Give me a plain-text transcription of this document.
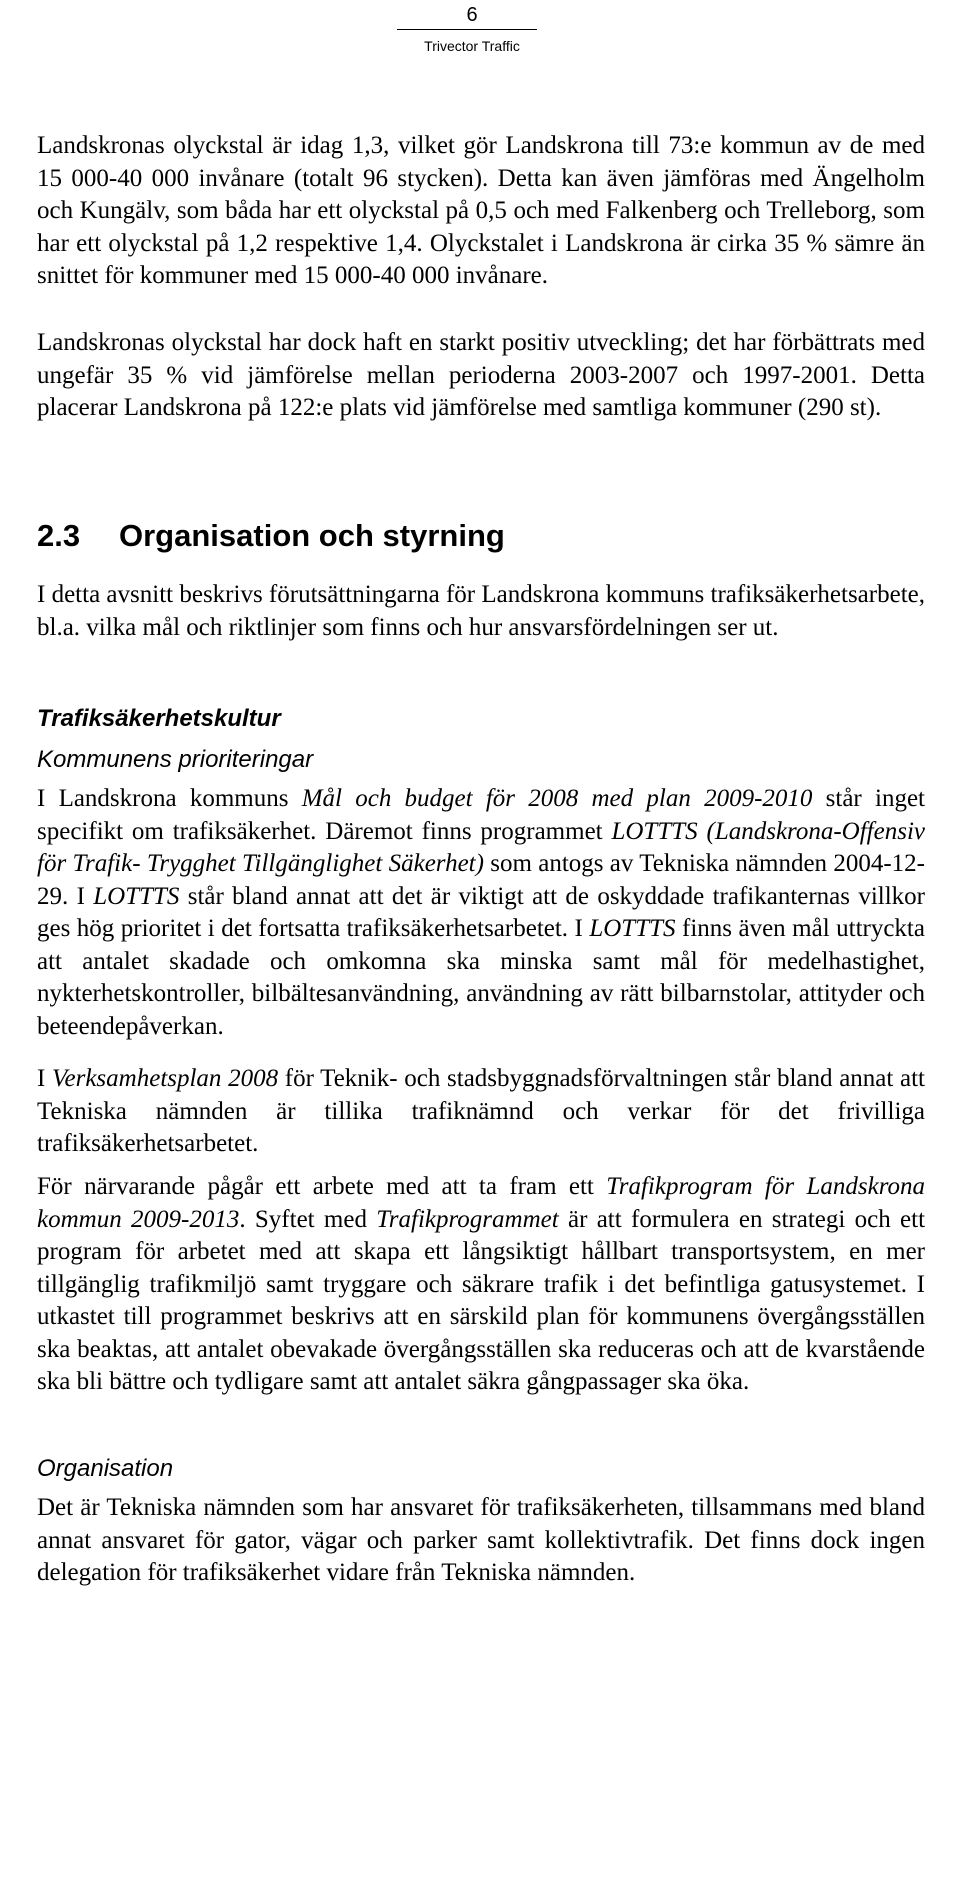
6
Trivector Traffic

Landskronas olyckstal är idag 1,3, vilket gör Landskrona till 73:e kommun av de med 15 000-40 000 invånare (totalt 96 stycken). Detta kan även jämföras med Ängelholm och Kungälv, som båda har ett olyckstal på 0,5 och med Falkenberg och Trelleborg, som har ett olyckstal på 1,2 respektive 1,4. Olyckstalet i Landskrona är cirka 35 % sämre än snittet för kommuner med 15 000-40 000 invånare.

Landskronas olyckstal har dock haft en starkt positiv utveckling; det har förbättrats med ungefär 35 % vid jämförelse mellan perioderna 2003-2007 och 1997-2001. Detta placerar Landskrona på 122:e plats vid jämförelse med samtliga kommuner (290 st).

2.3 Organisation och styrning

I detta avsnitt beskrivs förutsättningarna för Landskrona kommuns trafiksäkerhetsarbete, bl.a. vilka mål och riktlinjer som finns och hur ansvarsfördelningen ser ut.

Trafiksäkerhetskultur
Kommunens prioriteringar

I Landskrona kommuns Mål och budget för 2008 med plan 2009-2010 står inget specifikt om trafiksäkerhet. Däremot finns programmet LOTTTS (Landskrona-Offensiv för Trafik- Trygghet Tillgänglighet Säkerhet) som antogs av Tekniska nämnden 2004-12-29. I LOTTTS står bland annat att det är viktigt att de oskyddade trafikanternas villkor ges hög prioritet i det fortsatta trafiksäkerhetsarbetet. I LOTTTS finns även mål uttryckta att antalet skadade och omkomna ska minska samt mål för medelhastighet, nykterhetskontroller, bilbältesanvändning, användning av rätt bilbarnstolar, attityder och beteendepåverkan.

I Verksamhetsplan 2008 för Teknik- och stadsbyggnadsförvaltningen står bland annat att Tekniska nämnden är tillika trafiknämnd och verkar för det frivilliga trafiksäkerhetsarbetet.

För närvarande pågår ett arbete med att ta fram ett Trafikprogram för Landskrona kommun 2009-2013. Syftet med Trafikprogrammet är att formulera en strategi och ett program för arbetet med att skapa ett långsiktigt hållbart transportsystem, en mer tillgänglig trafikmiljö samt tryggare och säkrare trafik i det befintliga gatusystemet. I utkastet till programmet beskrivs att en särskild plan för kommunens övergångsställen ska beaktas, att antalet obevakade övergångsställen ska reduceras och att de kvarstående ska bli bättre och tydligare samt att antalet säkra gångpassager ska öka.

Organisation

Det är Tekniska nämnden som har ansvaret för trafiksäkerheten, tillsammans med bland annat ansvaret för gator, vägar och parker samt kollektivtrafik. Det finns dock ingen delegation för trafiksäkerhet vidare från Tekniska nämnden.
